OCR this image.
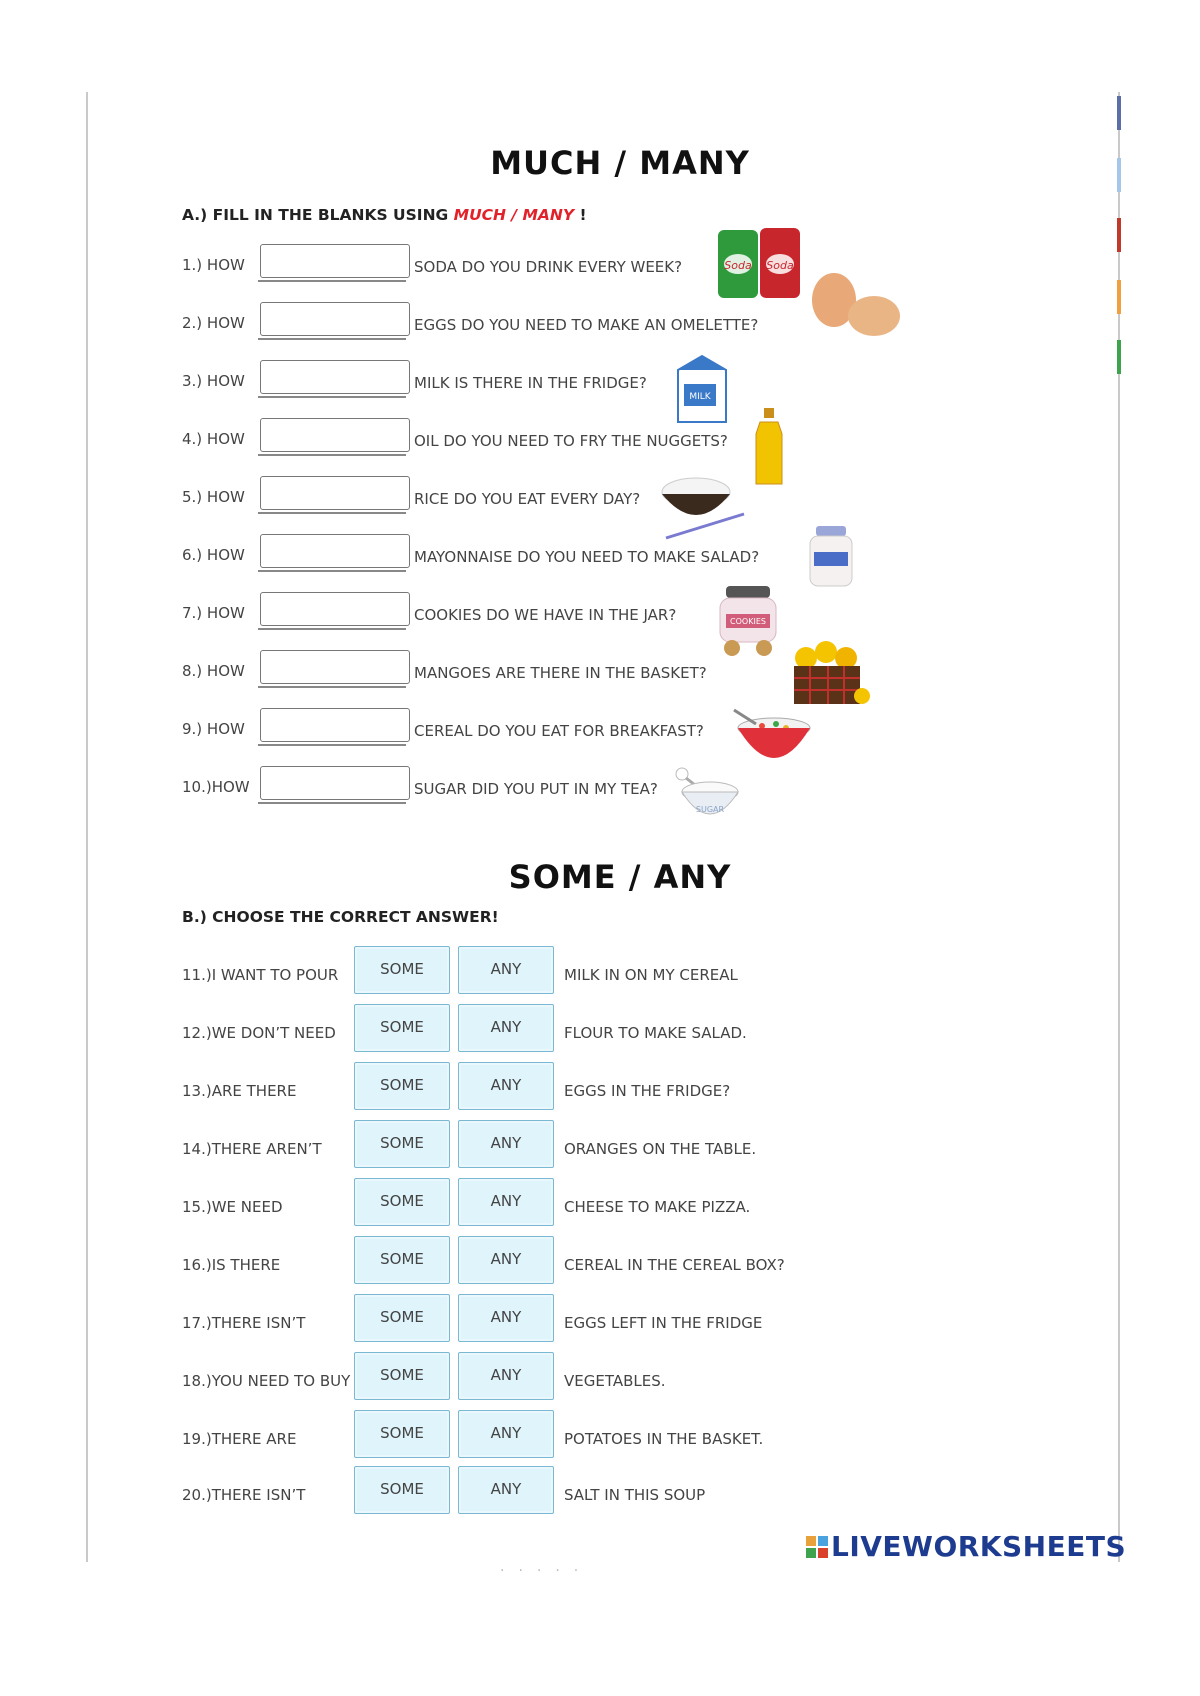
MUCH / MANY
A.) FILL IN THE BLANKS USING MUCH / MANY !
1.) HOW	SODA DO YOU DRINK EVERY WEEK?
2.) HOW	EGGS DO YOU NEED TO MAKE AN OMELETTE?
3.) HOW	MILK IS THERE IN THE FRIDGE?
4.) HOW	OIL DO YOU NEED TO FRY THE NUGGETS?
5.) HOW	RICE DO YOU EAT EVERY DAY?
6.) HOW	MAYONNAISE DO YOU NEED TO MAKE SALAD?
7.) HOW	COOKIES DO WE HAVE IN THE JAR?
8.) HOW	MANGOES ARE THERE IN THE BASKET?
9.) HOW	CEREAL DO YOU EAT FOR BREAKFAST?
10.)HOW	SUGAR DID YOU PUT IN MY TEA?
Soda Soda
MILK
COOKIES
SUGAR
SOME / ANY
B.) CHOOSE THE CORRECT ANSWER!
11.)I WANT TO POUR	SOME	ANY	MILK IN ON MY CEREAL
12.)WE DON’T NEED	SOME	ANY	FLOUR TO MAKE SALAD.
13.)ARE THERE	SOME	ANY	EGGS IN THE FRIDGE?
14.)THERE AREN’T	SOME	ANY	ORANGES ON THE TABLE.
15.)WE NEED	SOME	ANY	CHEESE TO MAKE PIZZA.
16.)IS THERE	SOME	ANY	CEREAL IN THE CEREAL BOX?
17.)THERE ISN’T	SOME	ANY	EGGS LEFT IN THE FRIDGE
18.)YOU NEED TO BUY	SOME	ANY	VEGETABLES.
19.)THERE ARE	SOME	ANY	POTATOES IN THE BASKET.
20.)THERE ISN’T	SOME	ANY	SALT IN THIS SOUP
LIVEWORKSHEETS
·····
